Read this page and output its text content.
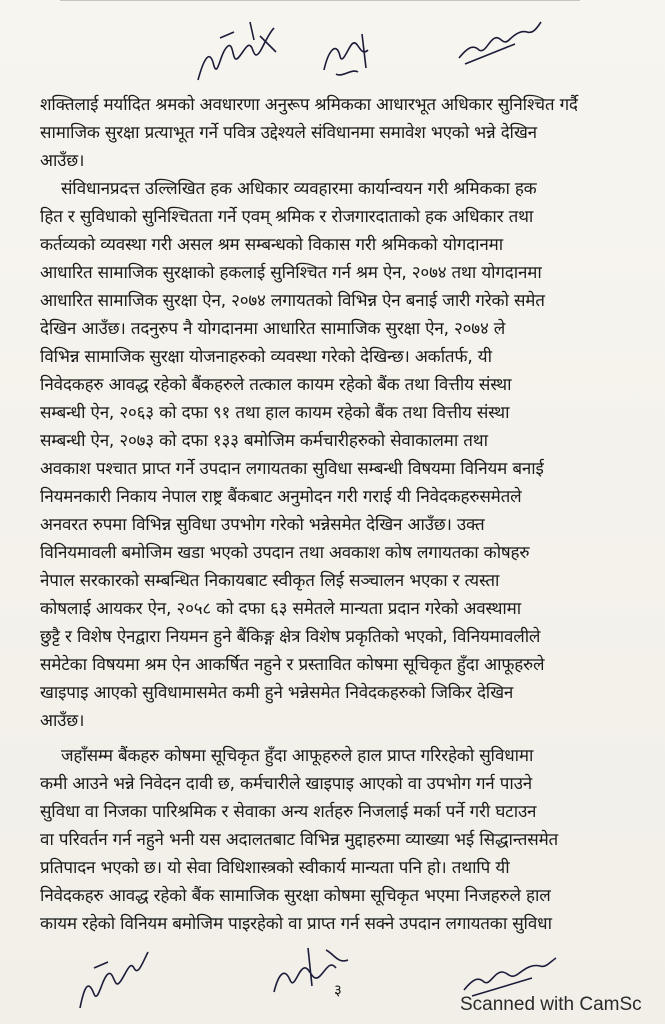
शक्तिलाई मर्यादित श्रमको अवधारणा अनुरूप श्रमिकका आधारभूत अधिकार सुनिश्चित गर्दै
सामाजिक सुरक्षा प्रत्याभूत गर्ने पवित्र उद्देश्यले संविधानमा समावेश भएको भन्ने देखिन
आउँछ।
संविधानप्रदत्त उल्लिखित हक अधिकार व्यवहारमा कार्यान्वयन गरी श्रमिकका हक
हित र सुविधाको सुनिश्चितता गर्ने एवम् श्रमिक र रोजगारदाताको हक अधिकार तथा
कर्तव्यको व्यवस्था गरी असल श्रम सम्बन्धको विकास गरी श्रमिकको योगदानमा
आधारित सामाजिक सुरक्षाको हकलाई सुनिश्चित गर्न श्रम ऐन, २०७४ तथा योगदानमा
आधारित सामाजिक सुरक्षा ऐन, २०७४ लगायतको विभिन्न ऐन बनाई जारी गरेको समेत
देखिन आउँछ। तदनुरुप नै योगदानमा आधारित सामाजिक सुरक्षा ऐन, २०७४ ले
विभिन्न सामाजिक सुरक्षा योजनाहरुको व्यवस्था गरेको देखिन्छ। अर्कातर्फ, यी
निवेदकहरु आवद्ध रहेको बैंकहरुले तत्काल कायम रहेको बैंक तथा वित्तीय संस्था
सम्बन्धी ऐन, २०६३ को दफा ९१ तथा हाल कायम रहेको बैंक तथा वित्तीय संस्था
सम्बन्धी ऐन, २०७३ को दफा १३३ बमोजिम कर्मचारीहरुको सेवाकालमा तथा
अवकाश पश्चात प्राप्त गर्ने उपदान लगायतका सुविधा सम्बन्धी विषयमा विनियम बनाई
नियमनकारी निकाय नेपाल राष्ट्र बैंकबाट अनुमोदन गरी गराई यी निवेदकहरुसमेतले
अनवरत रुपमा विभिन्न सुविधा उपभोग गरेको भन्नेसमेत देखिन आउँछ। उक्त
विनियमावली बमोजिम खडा भएको उपदान तथा अवकाश कोष लगायतका कोषहरु
नेपाल सरकारको सम्बन्धित निकायबाट स्वीकृत लिई सञ्चालन भएका र त्यस्ता
कोषलाई आयकर ऐन, २०५८ को दफा ६३ समेतले मान्यता प्रदान गरेको अवस्थामा
छुट्टै र विशेष ऐनद्वारा नियमन हुने बैंकिङ्ग क्षेत्र विशेष प्रकृतिको भएको, विनियमावलीले
समेटेका विषयमा श्रम ऐन आकर्षित नहुने र प्रस्तावित कोषमा सूचिकृत हुँदा आफूहरुले
खाइपाइ आएको सुविधामासमेत कमी हुने भन्नेसमेत निवेदकहरुको जिकिर देखिन
आउँछ।
जहाँसम्म बैंकहरु कोषमा सूचिकृत हुँदा आफूहरुले हाल प्राप्त गरिरहेको सुविधामा
कमी आउने भन्ने निवेदन दावी छ, कर्मचारीले खाइपाइ आएको वा उपभोग गर्न पाउने
सुविधा वा निजका पारिश्रमिक र सेवाका अन्य शर्तहरु निजलाई मर्का पर्ने गरी घटाउन
वा परिवर्तन गर्न नहुने भनी यस अदालतबाट विभिन्न मुद्दाहरुमा व्याख्या भई सिद्धान्तसमेत
प्रतिपादन भएको छ। यो सेवा विधिशास्त्रको स्वीकार्य मान्यता पनि हो। तथापि यी
निवेदकहरु आवद्ध रहेको बैंक सामाजिक सुरक्षा कोषमा सूचिकृत भएमा निजहरुले हाल
कायम रहेको विनियम बमोजिम पाइरहेको वा प्राप्त गर्न सक्ने उपदान लगायतका सुविधा
३
Scanned with CamSc
